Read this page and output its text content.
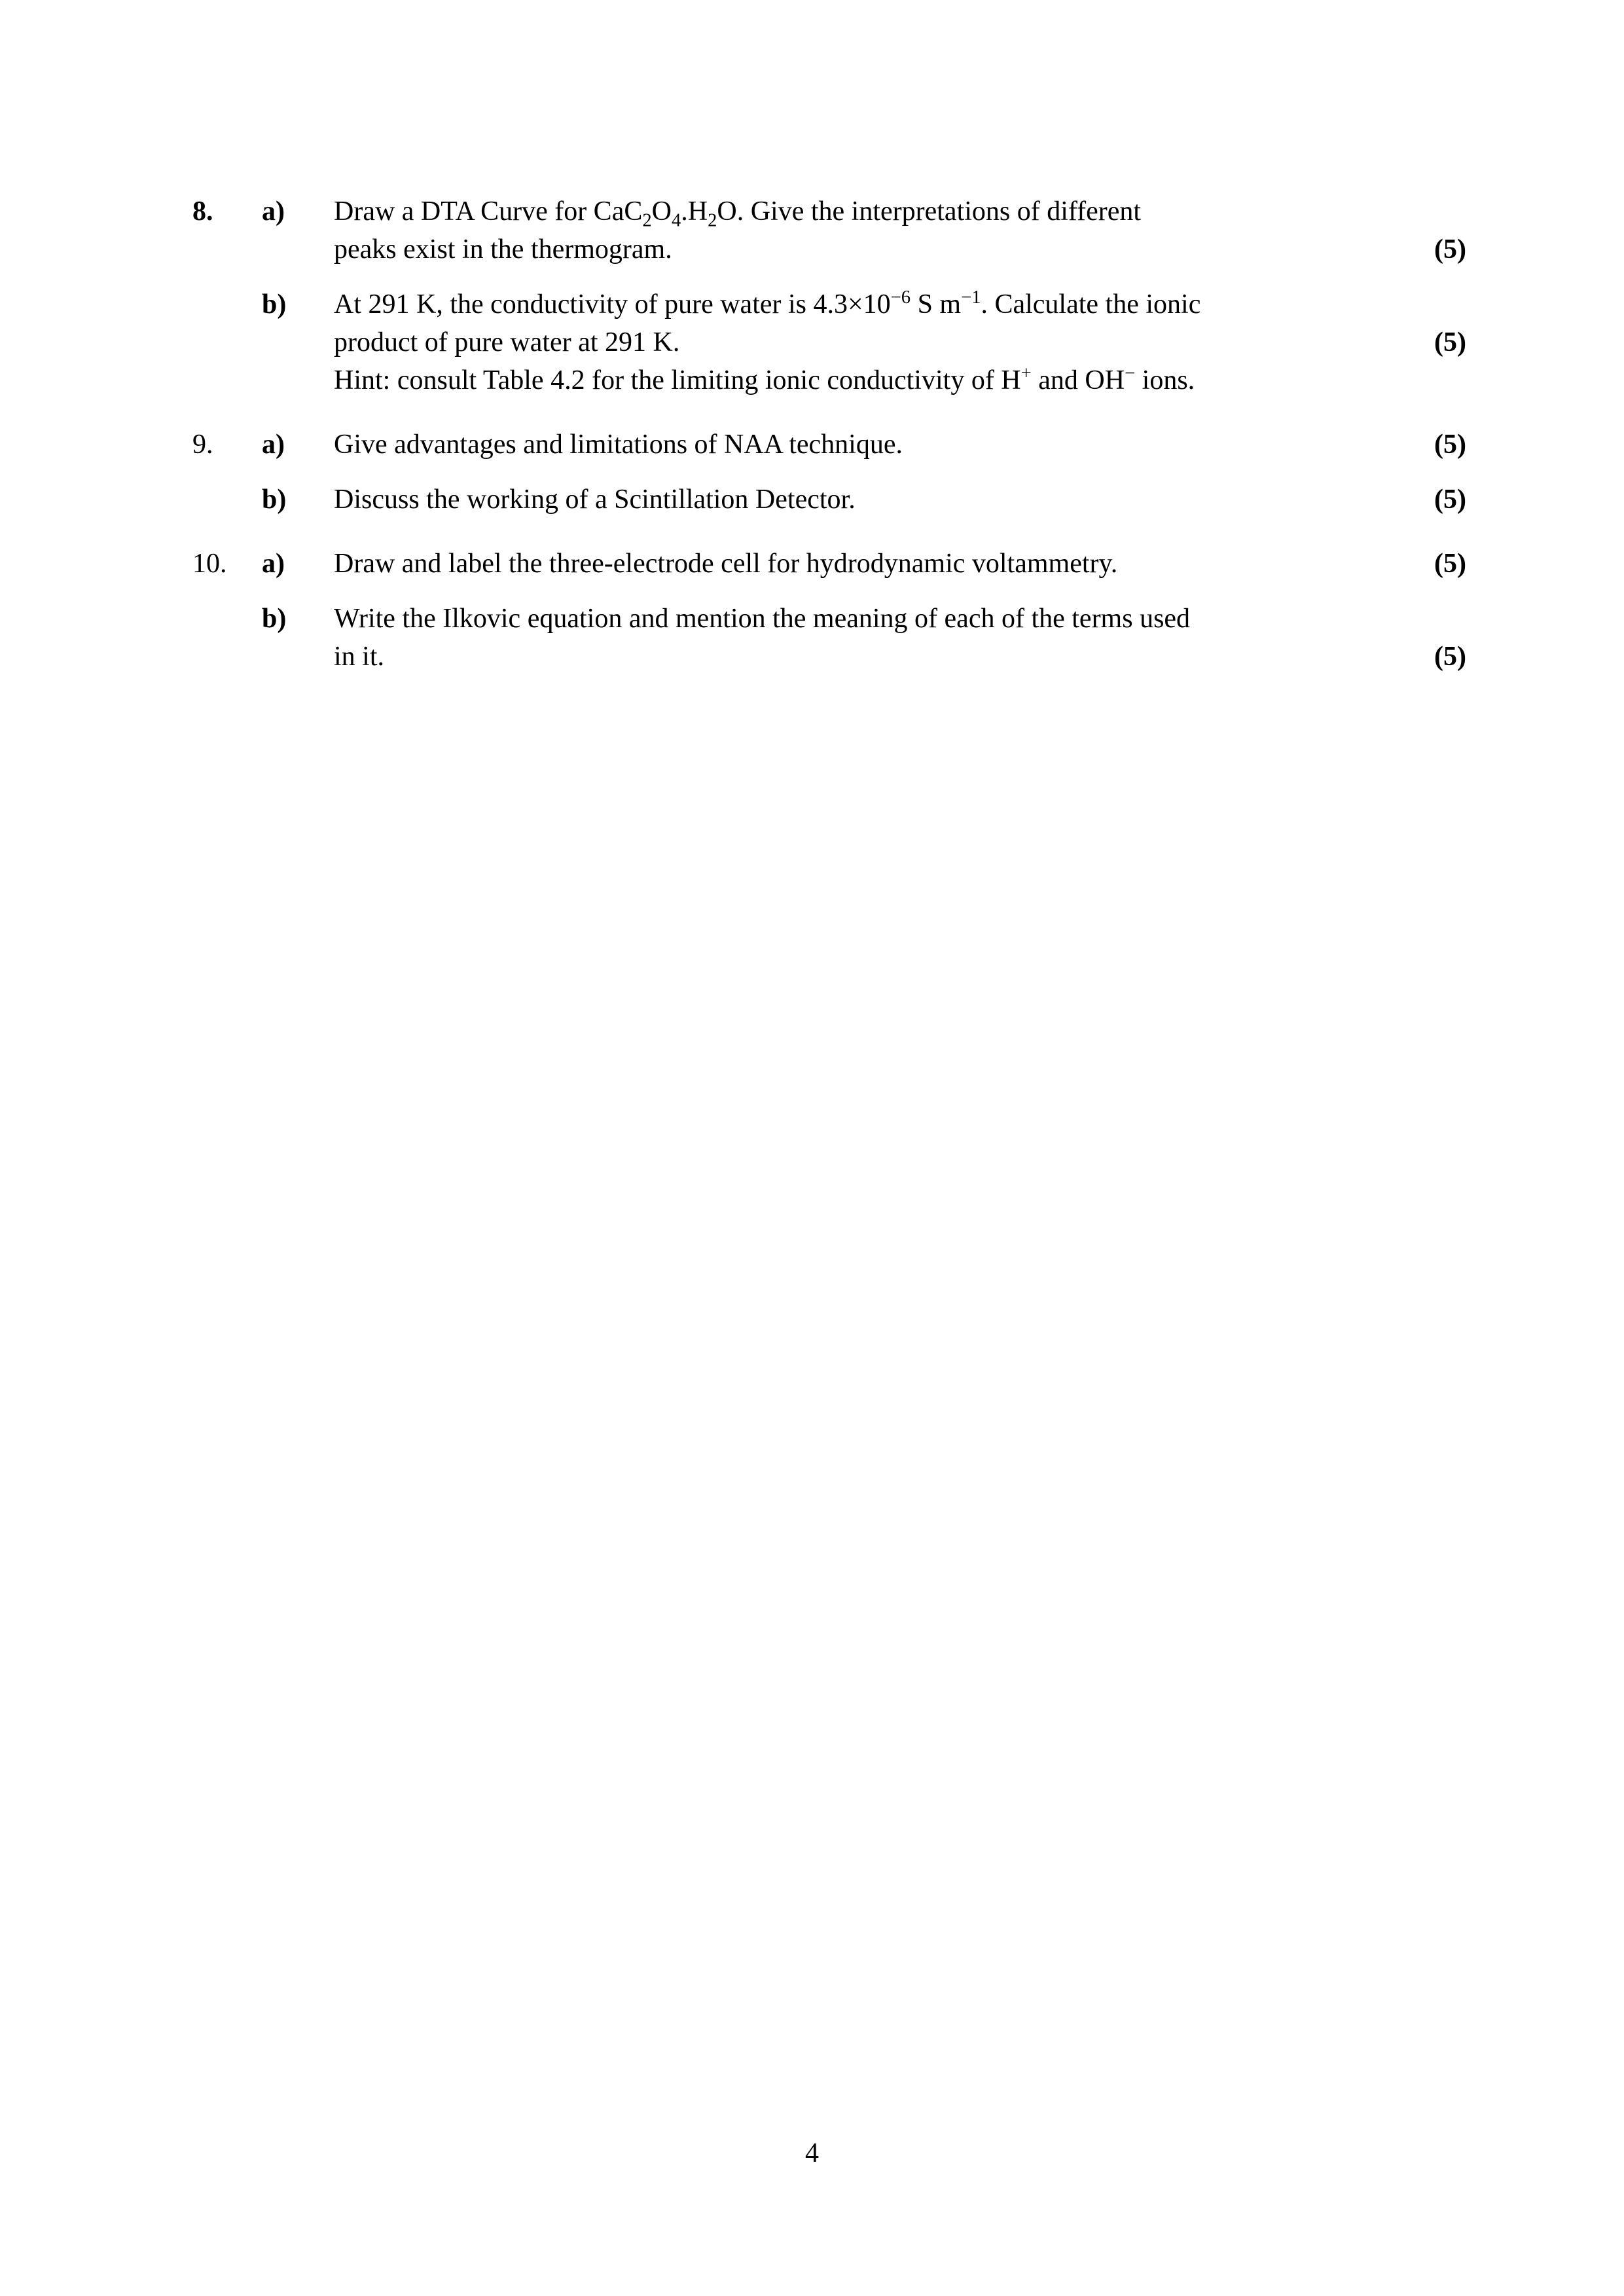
8.	a)	Draw a DTA Curve for $CaC_2O_4.H_2O$. Give the interpretations of different
peaks exist in the thermogram.	(5)
b)	At 291 K, the conductivity of pure water is $4.3\times 10^{-6}$ S $m^{-1}$. Calculate the ionic
product of pure water at 291 K.

Hint: consult Table 4.2 for the limiting ionic conductivity of H+ and OH− ions.
(5)
9.	a)	Give advantages and limitations of NAA technique.	(5)
b)	Discuss the working of a Scintillation Detector.	(5)
10.	a)	Draw and label the three-electrode cell for hydrodynamic voltammetry.	(5)
b)	Write the Ilkovic equation and mention the meaning of each of the terms used
in it.	(5)
4
